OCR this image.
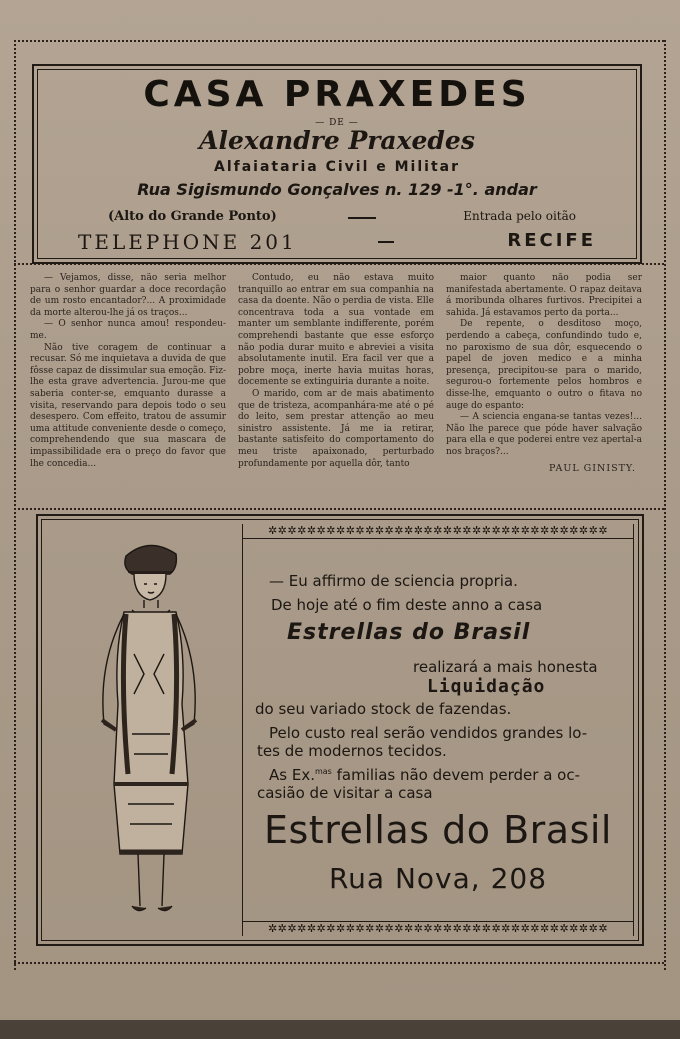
CASA PRAXEDES
— DE —
Alexandre Praxedes
Alfaiataria Civil e Militar
Rua Sigismundo Gonçalves n. 129 -1°. andar
(Alto do Grande Ponto)	Entrada pelo oitão
TELEPHONE 201	RECIFE

— Vejamos, disse, não seria melhor para o senhor guardar a doce recordação de um rosto encantador?... A proximidade da morte alterou-lhe já os traços...

— O senhor nunca amou! respondeu-me.

Não tive coragem de continuar a recusar. Só me inquietava a duvida de que fôsse capaz de dissimular sua emoção. Fiz-lhe esta grave advertencia. Jurou-me que saberia conter-se, emquanto durasse a visita, reservando para depois todo o seu desespero. Com effeito, tratou de assumir uma attitude conveniente desde o começo, comprehendendo que sua mascara de impassibilidade era o preço do favor que lhe concedia...

Contudo, eu não estava muito tranquillo ao entrar em sua companhia na casa da doente. Não o perdia de vista. Elle concentrava toda a sua vontade em manter um semblante indifferente, porém comprehendi bastante que esse esforço não podia durar muito e abreviei a visita absolutamente inutil. Era facil ver que a pobre moça, inerte havia muitas horas, docemente se extinguiria durante a noite.

O marido, com ar de mais abatimento que de tristeza, acompanhára-me até o pé do leito, sem prestar attenção ao meu sinistro assistente. Já me ia retirar, bastante satisfeito do comportamento do meu triste apaixonado, perturbado profundamente por aquella dôr, tanto

maior quanto não podia ser manifestada abertamente. O rapaz deitava á moribunda olhares furtivos. Precipitei a sahida. Já estavamos perto da porta...

De repente, o desditoso moço, perdendo a cabeça, confundindo tudo e, no paroxismo de sua dôr, esquecendo o papel de joven medico e a minha presença, precipitou-se para o marido, segurou-o fortemente pelos hombros e disse-lhe, emquanto o outro o fitava no auge do espanto:

— A sciencia engana-se tantas vezes!... Não lhe parece que póde haver salvação para ella e que poderei entre vez apertal-a nos braços?...

PAUL GINISTY.
✲✲✲✲✲✲✲✲✲✲✲✲✲✲✲✲✲✲✲✲✲✲✲✲✲✲✲✲✲✲✲✲✲✲✲
— Eu affirmo de sciencia propria.
De hoje até o fim deste anno a casa
Estrellas do Brasil
realizará a mais honesta
Liquidação
do seu variado stock de fazendas.
Pelo custo real serão vendidos grandes lo-
tes de modernos tecidos.
As Ex.$^{mas}$ familias não devem perder a oc-
casião de visitar a casa
Estrellas do Brasil
Rua Nova, 208
✲✲✲✲✲✲✲✲✲✲✲✲✲✲✲✲✲✲✲✲✲✲✲✲✲✲✲✲✲✲✲✲✲✲✲
